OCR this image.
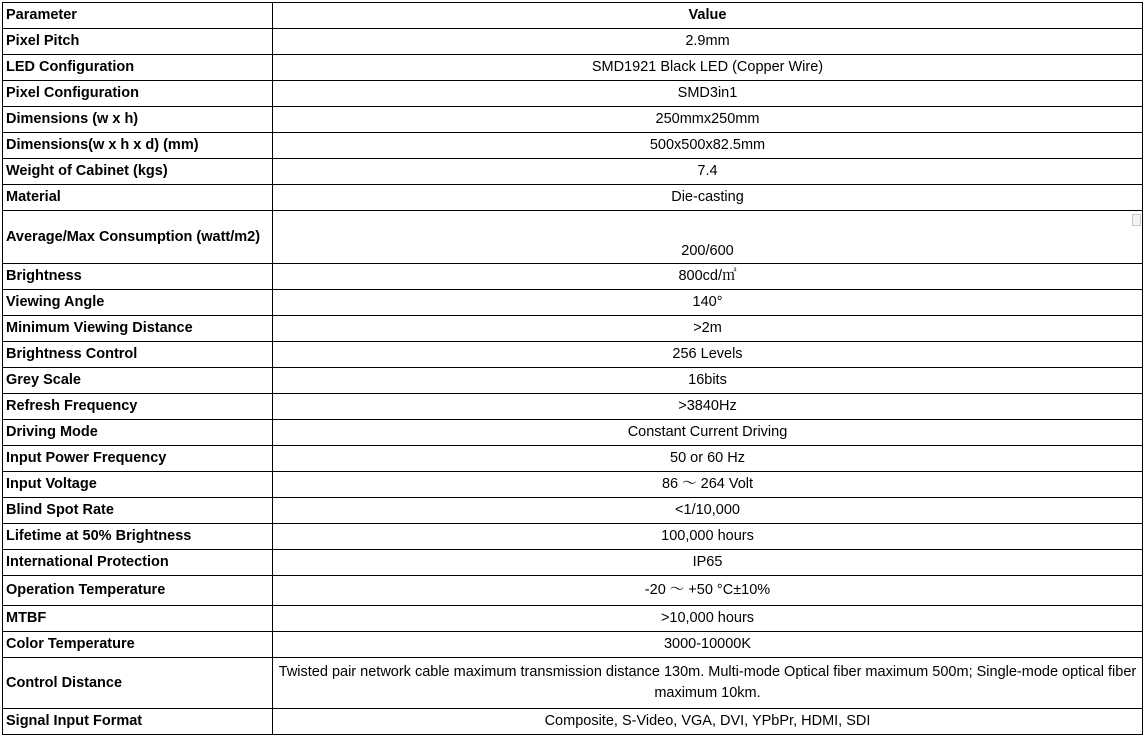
Parameter	Value
Pixel Pitch	2.9mm
LED Configuration	SMD1921 Black LED (Copper Wire)
Pixel Configuration	SMD3in1
Dimensions (w x h)	250mmx250mm
Dimensions(w x h x d) (mm)	500x500x82.5mm
Weight of Cabinet (kgs)	7.4
Material	Die-casting
Average/Max Consumption (watt/m2)	200/600
Brightness	800cd/㎡
Viewing Angle	140°
Minimum Viewing Distance	>2m
Brightness Control	256 Levels
Grey Scale	16bits
Refresh Frequency	>3840Hz
Driving Mode	Constant Current Driving
Input Power Frequency	50 or 60 Hz
Input Voltage	86 ～ 264 Volt
Blind Spot Rate	<1/10,000
Lifetime at 50% Brightness	100,000 hours
International Protection	IP65
Operation Temperature	-20 ～ +50 °C±10%
MTBF	>10,000 hours
Color Temperature	3000-10000K
Control Distance	Twisted pair network cable maximum transmission distance 130m. Multi-mode Optical fiber maximum 500m; Single-mode optical fiber maximum 10km.
Signal Input Format	Composite, S-Video, VGA, DVI, YPbPr, HDMI, SDI
